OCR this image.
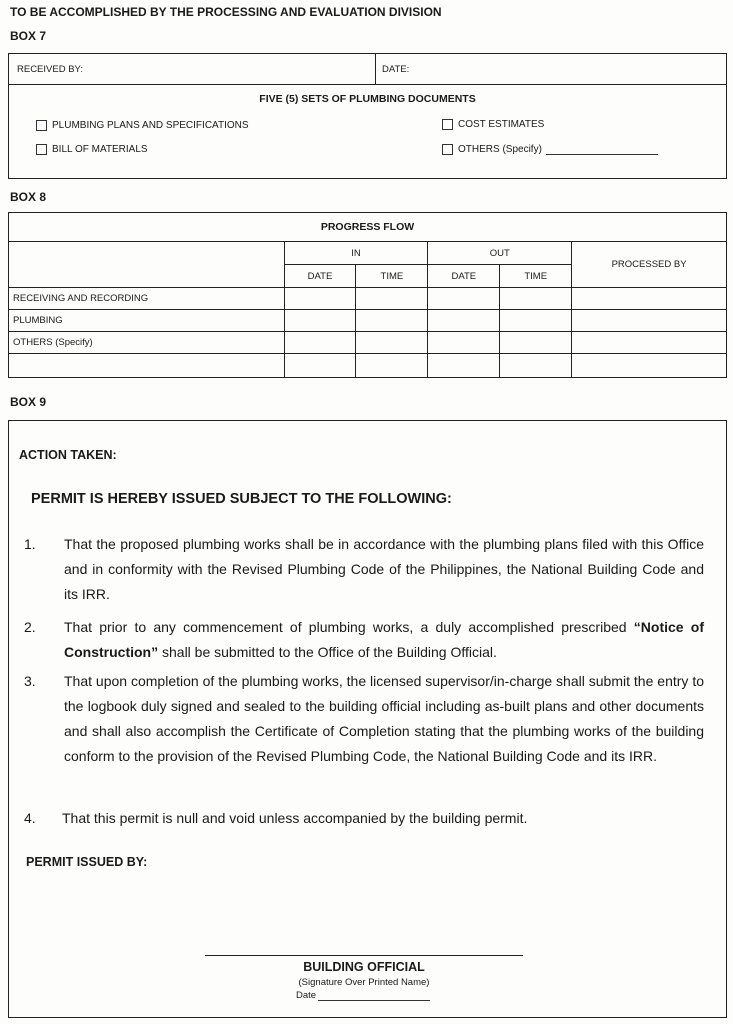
TO BE ACCOMPLISHED BY THE PROCESSING AND EVALUATION DIVISION
BOX 7
RECEIVED BY:	DATE:
FIVE (5) SETS OF PLUMBING DOCUMENTS
PLUMBING PLANS AND SPECIFICATIONS
BILL OF MATERIALS
COST ESTIMATES
OTHERS (Specify)
BOX 8
PROGRESS FLOW					
	IN		OUT		PROCESSED BY
	DATE	TIME	DATE	TIME	
RECEIVING AND RECORDING					
PLUMBING					
OTHERS (Specify)					

BOX 9
ACTION TAKEN:
PERMIT IS HEREBY ISSUED SUBJECT TO THE FOLLOWING:
1. That the proposed plumbing works shall be in accordance with the plumbing plans filed with this Office and in conformity with the Revised Plumbing Code of the Philippines, the National Building Code and its IRR.
2. That prior to any commencement of plumbing works, a duly accomplished prescribed “Notice of Construction” shall be submitted to the Office of the Building Official.
3. That upon completion of the plumbing works, the licensed supervisor/in-charge shall submit the entry to the logbook duly signed and sealed to the building official including as-built plans and other documents and shall also accomplish the Certificate of Completion stating that the plumbing works of the building conform to the provision of the Revised Plumbing Code, the National Building Code and its IRR.
4. That this permit is null and void unless accompanied by the building permit.
PERMIT ISSUED BY:
BUILDING OFFICIAL
(Signature Over Printed Name)
Date
